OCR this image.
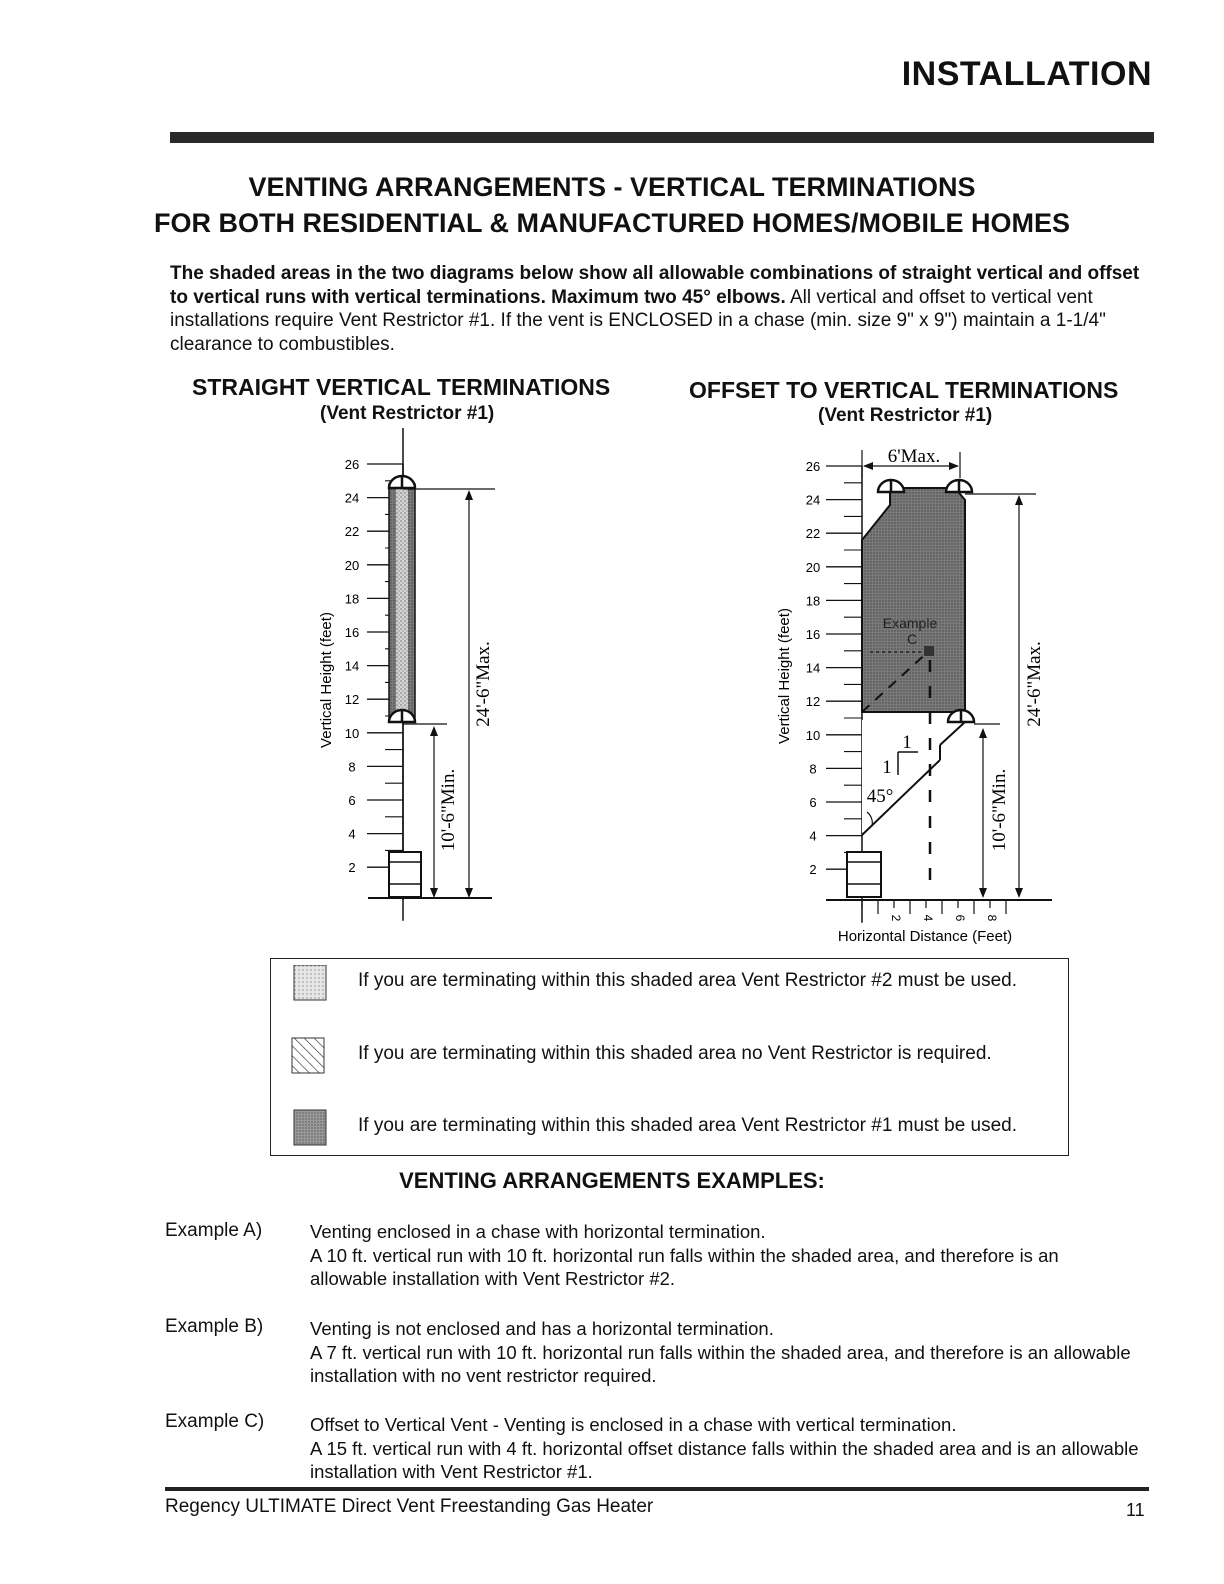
INSTALLATION
VENTING ARRANGEMENTS - VERTICAL TERMINATIONS
FOR BOTH RESIDENTIAL & MANUFACTURED HOMES/MOBILE HOMES
The shaded areas in the two diagrams below show all allowable combinations of straight vertical and offset to vertical runs with vertical terminations. Maximum two 45° elbows. All vertical and offset to vertical vent installations require Vent Restrictor #1. If the vent is ENCLOSED in a chase (min. size 9" x 9") maintain a 1-1/4" clearance to combustibles.
STRAIGHT VERTICAL TERMINATIONS
(Vent Restrictor #1)
OFFSET TO VERTICAL TERMINATIONS
(Vent Restrictor #1)
26
24
22
20
18
16
14
12
10
8
6
4
2
24'-6"Max.
10'-6"Min.
Vertical Height (feet)
26
24
22
20
18
16
14
12
10
8
6
4
2
Example
C
1
1
45°
6'Max.
24'-6"Max.
10'-6"Min.
Vertical Height (feet)
2 4 6 8
Horizontal Distance (Feet)
If you are terminating within this shaded area Vent Restrictor #2 must be used.
If you are terminating within this shaded area no Vent Restrictor is required.
If you are terminating within this shaded area Vent Restrictor #1 must be used.
VENTING ARRANGEMENTS EXAMPLES:
Example A)	Venting enclosed in a chase with horizontal termination.
A 10 ft. vertical run with 10 ft. horizontal run falls within the shaded area, and therefore is an allowable installation with Vent Restrictor #2.
Example B)	Venting is not enclosed and has a horizontal termination.
A 7 ft. vertical run with 10 ft. horizontal run falls within the shaded area, and therefore is an allowable installation with no vent restrictor required.
Example C) Offset to Vertical Vent - Venting is enclosed in a chase with vertical termination.
A 15 ft. vertical run with 4 ft. horizontal offset distance falls within the shaded area and is an allowable installation with Vent Restrictor #1.
Regency ULTIMATE Direct Vent Freestanding Gas Heater	11
